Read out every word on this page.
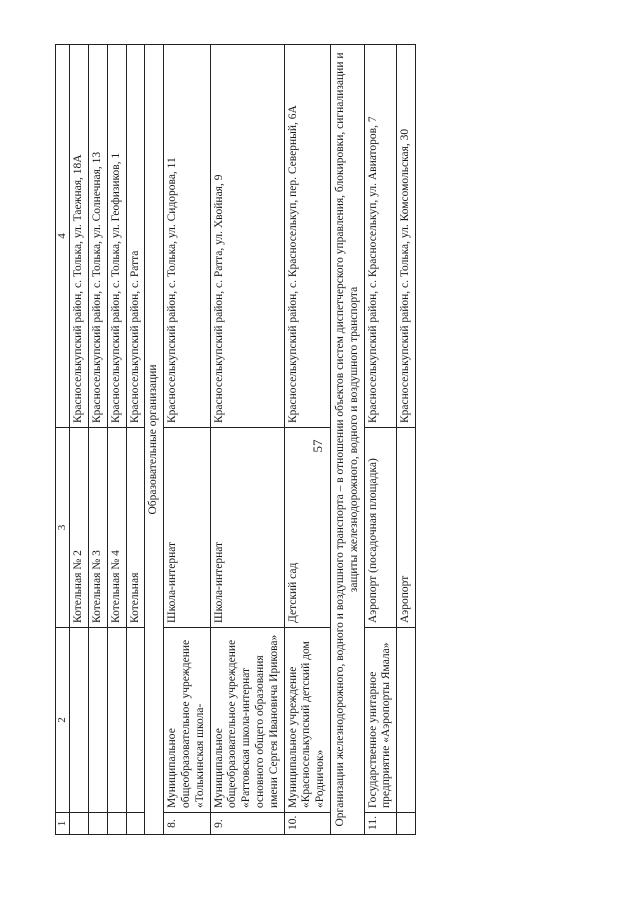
57
1	2	3	4
		Котельная № 2	Красноселькупский район, с. Толька, ул. Таежная, 18А
		Котельная № 3	Красноселькупский район, с. Толька, ул. Солнечная, 13
		Котельная № 4	Красноселькупский район, с. Толька, ул. Геофизиков, 1
		Котельная	Красноселькупский район, с. Ратта
Образовательные организации			
8.	Муниципальное общеобразовательное учреждение «Толькинская школа-	Школа-интернат	Красноселькупский район, с. Толька, ул. Сидорова, 11
9.	Муниципальное общеобразовательное учреждение «Раттовская школа-интернат основного общего образования имени Сергея Ивановича Ирикова»	Школа-интернат	Красноселькупский район, с. Ратта, ул. Хвойная, 9
10.	Муниципальное учреждение «Красноселькупский детский дом «Родничок»	Детский сад	Красноселькупский район, с. Красноселькуп, пер. Северный, 6А
Организации железнодорожного, водного и воздушного транспорта – в отношении объектов систем диспетчерского управления, блокировки, сигнализации и защиты железнодорожного, водного и воздушного транспорта			
11.	Государственное унитарное предприятие «Аэропорты Ямала»	Аэропорт (посадочная площадка)	Красноселькупский район, с. Красноселькуп, ул. Авиаторов, 7
		Аэропорт	Красноселькупский район, с. Толька, ул. Комсомольская, 30
